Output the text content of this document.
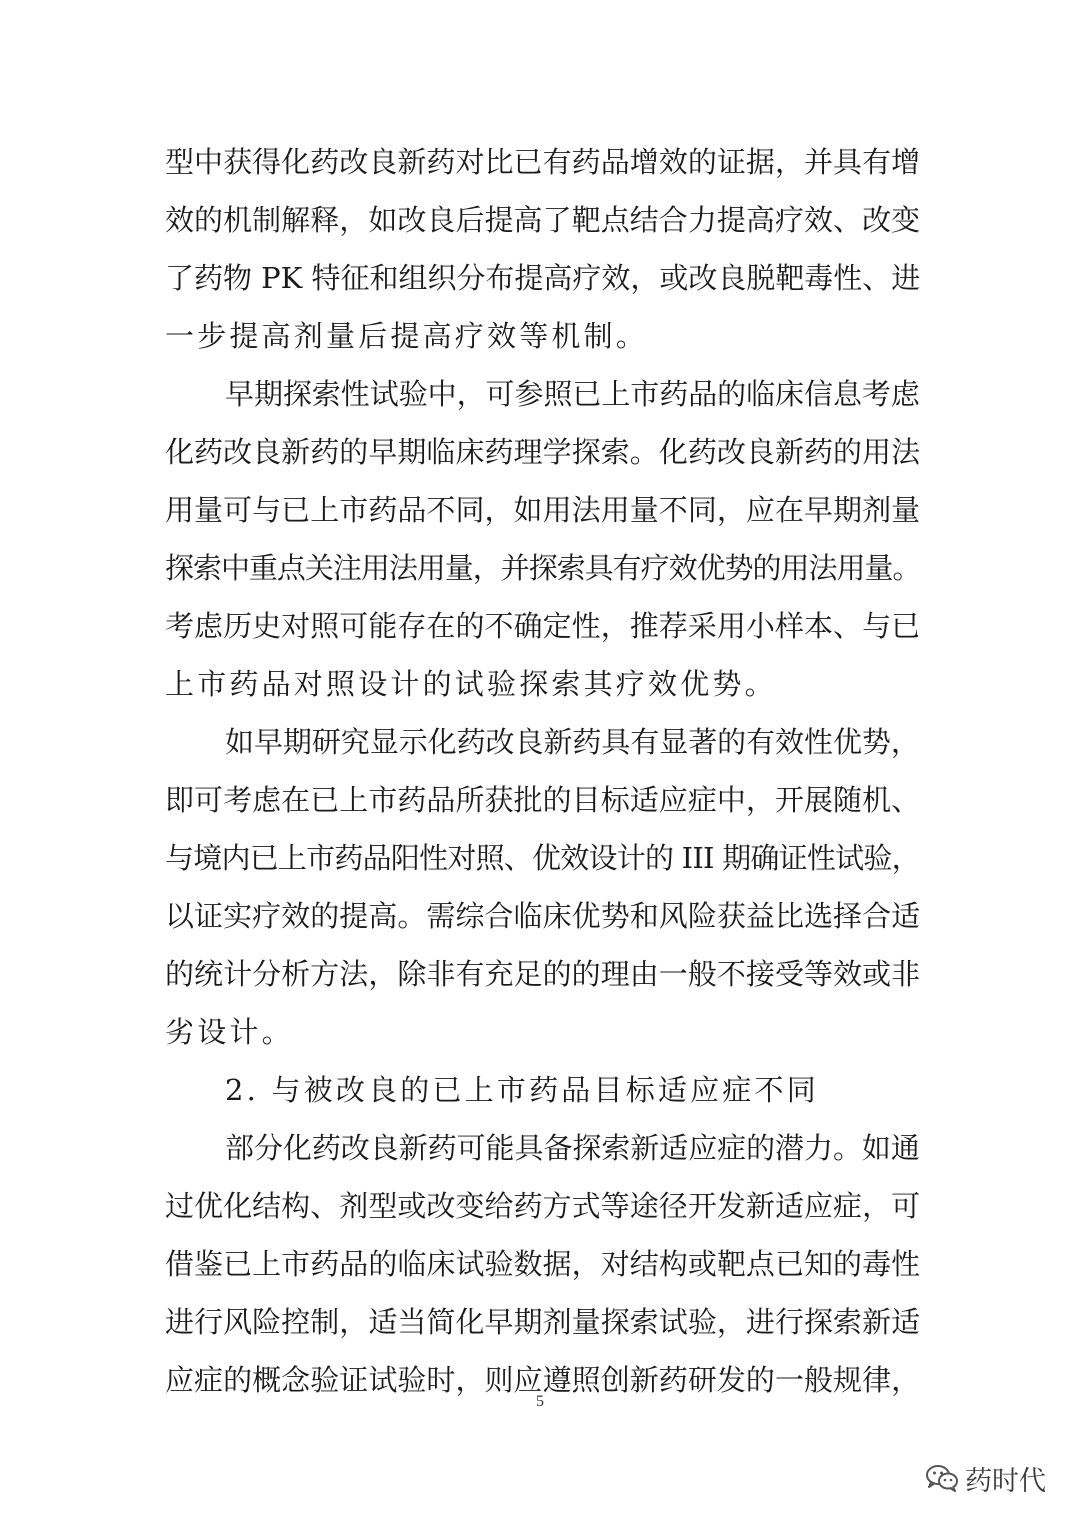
型中获得化药改良新药对比已有药品增效的证据，并具有增
效的机制解释，如改良后提高了靶点结合力提高疗效、改变
了药物 PK 特征和组织分布提高疗效，或改良脱靶毒性、进
一步提高剂量后提高疗效等机制。
早期探索性试验中，可参照已上市药品的临床信息考虑
化药改良新药的早期临床药理学探索。化药改良新药的用法
用量可与已上市药品不同，如用法用量不同，应在早期剂量
探索中重点关注用法用量，并探索具有疗效优势的用法用量。
考虑历史对照可能存在的不确定性，推荐采用小样本、与已
上市药品对照设计的试验探索其疗效优势。
如早期研究显示化药改良新药具有显著的有效性优势，
即可考虑在已上市药品所获批的目标适应症中，开展随机、
与境内已上市药品阳性对照、优效设计的 III 期确证性试验，
以证实疗效的提高。需综合临床优势和风险获益比选择合适
的统计分析方法，除非有充足的的理由一般不接受等效或非
劣设计。
2. 与被改良的已上市药品目标适应症不同
部分化药改良新药可能具备探索新适应症的潜力。如通
过优化结构、剂型或改变给药方式等途径开发新适应症，可
借鉴已上市药品的临床试验数据，对结构或靶点已知的毒性
进行风险控制，适当简化早期剂量探索试验，进行探索新适
应症的概念验证试验时，则应遵照创新药研发的一般规律，
5
药时代
